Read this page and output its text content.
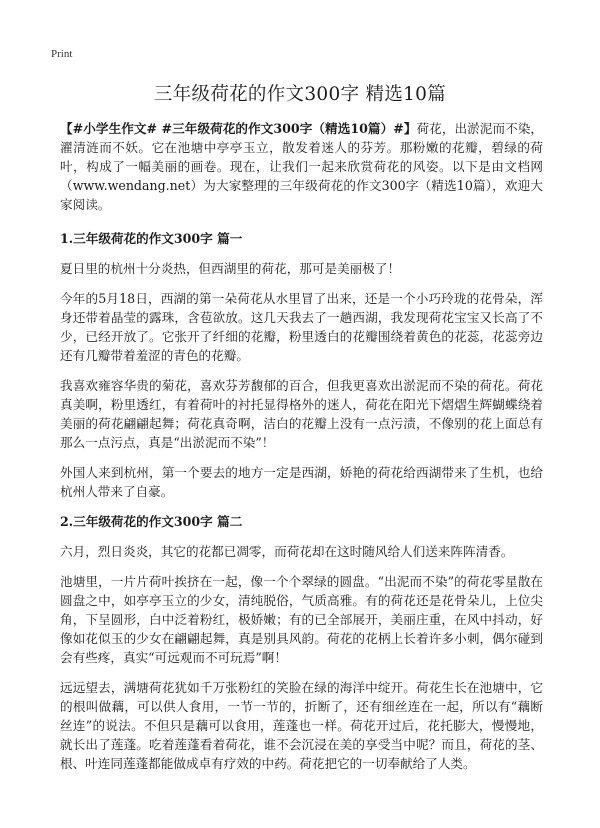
Print
三年级荷花的作文300字 精选10篇

【#小学生作文# #三年级荷花的作文300字（精选10篇）#】荷花，出淤泥而不染，濯清涟而不妖。它在池塘中亭亭玉立，散发着迷人的芬芳。那粉嫩的花瓣，碧绿的荷叶，构成了一幅美丽的画卷。现在，让我们一起来欣赏荷花的风姿。以下是由文档网（www.wendang.net）为大家整理的三年级荷花的作文300字（精选10篇），欢迎大家阅读。

1.三年级荷花的作文300字 篇一

夏日里的杭州十分炎热，但西湖里的荷花，那可是美丽极了！

今年的5月18日，西湖的第一朵荷花从水里冒了出来，还是一个小巧玲珑的花骨朵，浑身还带着晶莹的露珠，含苞欲放。这几天我去了一趟西湖，我发现荷花宝宝又长高了不少，已经开放了。它张开了纤细的花瓣，粉里透白的花瓣围绕着黄色的花蕊，花蕊旁边还有几瓣带着羞涩的青色的花瓣。

我喜欢雍容华贵的菊花，喜欢芬芳馥郁的百合，但我更喜欢出淤泥而不染的荷花。荷花真美啊，粉里透红，有着荷叶的衬托显得格外的迷人，荷花在阳光下熠熠生辉蝴蝶绕着美丽的荷花翩翩起舞；荷花真奇啊，洁白的花瓣上没有一点污渍，不像别的花上面总有那么一点污点，真是“出淤泥而不染”！

外国人来到杭州，第一个要去的地方一定是西湖，娇艳的荷花给西湖带来了生机，也给杭州人带来了自豪。

2.三年级荷花的作文300字 篇二

六月，烈日炎炎，其它的花都已凋零，而荷花却在这时随风给人们送来阵阵清香。

池塘里，一片片荷叶挨挤在一起，像一个个翠绿的圆盘。“出泥而不染”的荷花零星散在圆盘之中，如亭亭玉立的少女，清纯脱俗，气质高雅。有的荷花还是花骨朵儿，上位尖角，下呈圆形，白中泛着粉红，极娇嫩；有的已全部展开，美丽庄重，在风中抖动，好像如花似玉的少女在翩翩起舞，真是别具风韵。荷花的花柄上长着许多小刺，偶尔碰到会有些疼，真实“可远观而不可玩焉”啊！

远远望去，满塘荷花犹如千万张粉红的笑脸在绿的海洋中绽开。荷花生长在池塘中，它的根叫做藕，可以供人食用，一节一节的，折断了，还有细丝连在一起，所以有“藕断丝连”的说法。不但只是藕可以食用，莲蓬也一样。荷花开过后，花托膨大，慢慢地，就长出了莲蓬。吃着莲蓬看着荷花，谁不会沉浸在美的享受当中呢？而且，荷花的茎、根、叶连同莲蓬都能做成卓有疗效的中药。荷花把它的一切奉献给了人类。
